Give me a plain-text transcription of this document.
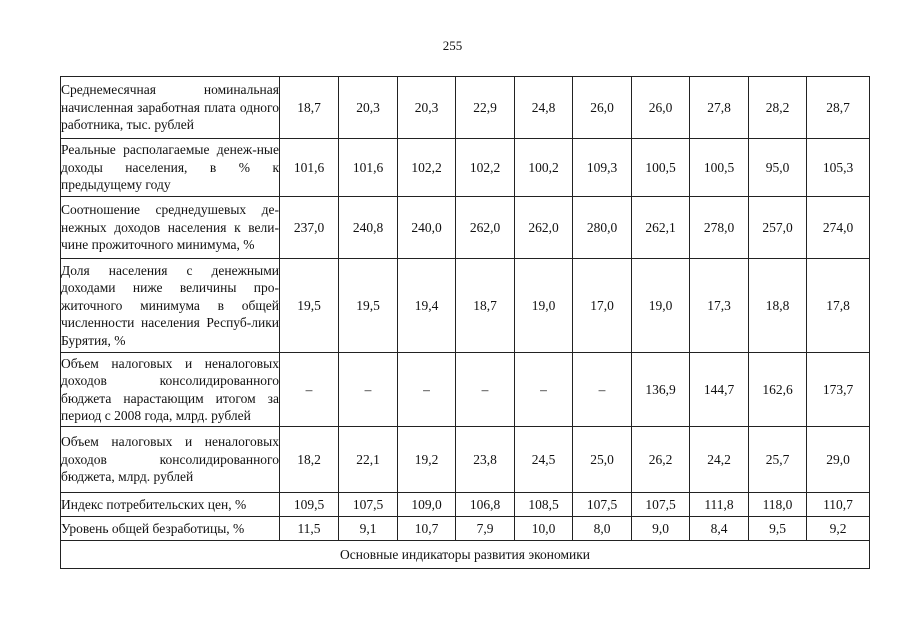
255
Среднемесячная номинальная начисленная заработная плата одного работника, тыс. рублей	18,7	20,3	20,3	22,9	24,8	26,0	26,0	27,8	28,2	28,7
Реальные располагаемые денеж-ные доходы населения, в % к предыдущему году	101,6	101,6	102,2	102,2	100,2	109,3	100,5	100,5	95,0	105,3
Соотношение среднедушевых де-нежных доходов населения к вели-чине прожиточного минимума, %	237,0	240,8	240,0	262,0	262,0	280,0	262,1	278,0	257,0	274,0
Доля населения с денежными доходами ниже величины про-житочного минимума в общей численности населения Респуб-лики Бурятия, %	19,5	19,5	19,4	18,7	19,0	17,0	19,0	17,3	18,8	17,8
Объем налоговых и неналоговых доходов консолидированного бюджета нарастающим итогом за период с 2008 года, млрд. рублей	–	–	–	–	–	–	136,9	144,7	162,6	173,7
Объем налоговых и неналоговых доходов консолидированного бюджета, млрд. рублей	18,2	22,1	19,2	23,8	24,5	25,0	26,2	24,2	25,7	29,0
Индекс потребительских цен, %	109,5	107,5	109,0	106,8	108,5	107,5	107,5	111,8	118,0	110,7
Уровень общей безработицы, %	11,5	9,1	10,7	7,9	10,0	8,0	9,0	8,4	9,5	9,2
Основные индикаторы развития экономики										
